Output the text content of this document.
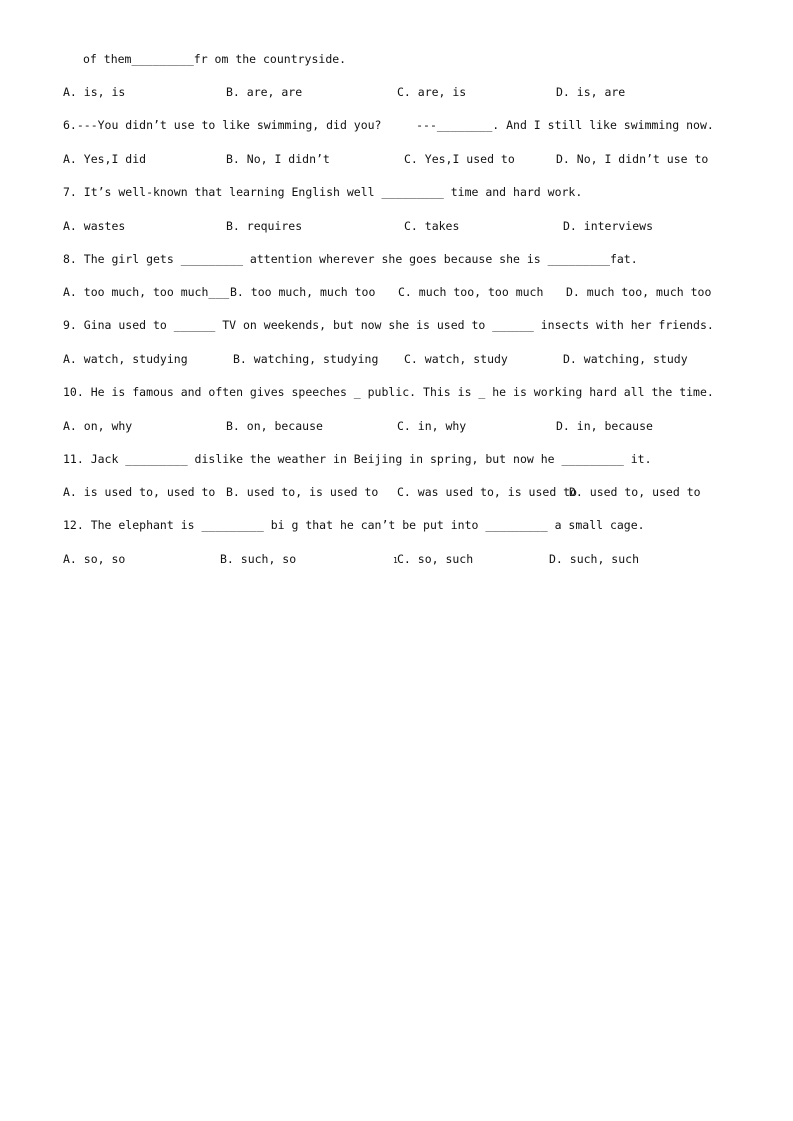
of them_________fr om the countryside.
A. is, is	B. are, are	C. are, is	D. is, are
6.---You didn’t use to like swimming, did you?     ---________. And I still like swimming now.
A. Yes,I did	B. No, I didn’t	C. Yes,I used to	D. No, I didn’t use to
7. It’s well-known that learning English well _________ time and hard work.
A. wastes	B. requires	C. takes	D. interviews
8. The girl gets _________ attention wherever she goes because she is _________fat.
A. too much, too much___ B. too much, much too C. much too, too much D. much too, much too
9. Gina used to ______ TV on weekends, but now she is used to ______ insects with her friends.
A. watch, studying	B. watching, studying C. watch, study	D. watching, study
10. He is famous and often gives speeches _ public. This is _ he is working hard all the time.
A. on, why	B. on, because	C. in, why	D. in, because
11. Jack _________ dislike the weather in Beijing in spring, but now he _________ it.
A. is used to, used to B. used to, is used to C. was used to, is used to
D. used to, used to
12. The elephant is _________ bi g that he can’t be put into _________ a small cage.
A. so, so	B. such, so	C. so, such	D. such, such
1
